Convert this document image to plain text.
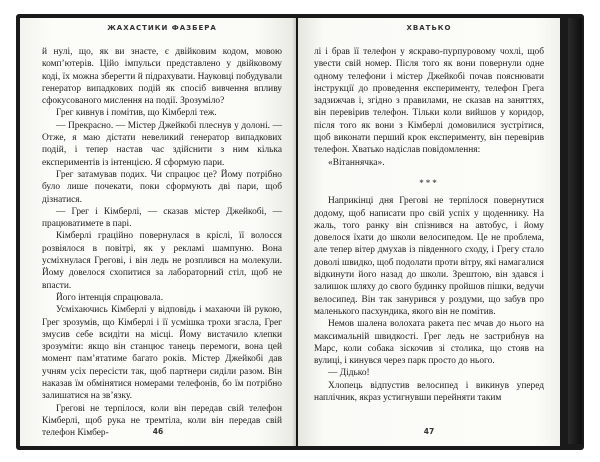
ЖАХАСТИКИ ФАЗБЕРА

й нулі, що, як ви знаєте, є двійковим кодом, мовою комп’ютерів. Ційо імпульси представлено у двійковому коді, їх можна зберегти й підрахувати. Науковці побудували генератор випадкових подій як спосіб вивчення впливу сфокусованого мислення на події. Зрозуміло?

Грег кивнув і помітив, що Кімберлі теж.

— Прекрасно. — Містер Джейкобі плеснув у долоні. — Отже, я маю дістати невеликий генератор випадкових подій, і тепер настав час здійснити з ним кілька експериментів із інтенцією. Я сформую пари.

Грег затамував подих. Чи спрацює це? Йому потрібно було лише почекати, поки сформують дві пари, щоб дізнатися.

— Грег і Кімберлі, — сказав містер Джейкобі, — працюватимете в парі.

Кімберлі граційно повернулася в кріслі, її волосся розвіялося в повітрі, як у рекламі шампуню. Вона усміхнулася Грегові, і він ледь не розплився на молекули. Йому довелося схопитися за лабораторний стіл, щоб не впасти.

Його інтенція спрацювала.

Усміхаючись Кімберлі у відповідь і махаючи їй рукою, Грег зрозумів, що Кімберлі і її усмішка трохи згасла, Грег змусив себе всидіти на місці. Йому вистачило клепки зрозуміти: якщо він станцює танець перемоги, вона цей момент пам’ятатиме багато років. Містер Джейкобі дав учням усіх пересісти так, щоб партнери сиділи разом. Він наказав їм обмінятися номерами телефонів, бо їм потрібно залишатися на зв’язку.

Грегові не терпілося, коли він передав свій телефон Кімберлі, щоб рука не тремтіла, коли він передав свій телефон Кімбер-	46
ХВАТЬКО

лі і брав її телефон у яскраво-пурпуровому чохлі, щоб увести свій номер. Після того як вони повернули одне одному телефони і містер Джейкобі почав пояснювати інструкції до проведення експерименту, телефон Грега задзижчав і, згідно з правилами, не сказав на заняттях, він перевірив телефон. Тільки коли вийшов у коридор, після того як вони з Кімберлі домовилися зустрітися, щоб виконати перший крок експерименту, він перевірив телефон. Хватько надіслав повідомлення:

«Вітаннячка».

***

Наприкінці дня Грегові не терпілося повернутися додому, щоб написати про свій успіх у щоденнику. На жаль, того ранку він спізнився на автобус, і йому довелося їхати до школи велосипедом. Це не проблема, але тепер вітер дмухав із південного сходу, і Грегу стало доволі швидко, щоб подолати проти вітру, які намагалися відкинути його назад до школи. Зрештою, він здався і залишок шляху до свого будинку пройшов пішки, ведучи велосипед. Він так занурився у роздуми, що забув про маленького пасхундика, якого він не помітив.

Немов шалена волохата ракета пес мчав до нього на максимальній швидкості. Грег ледь не застрибнув на Марс, коли собака зіскочив зі столика, що стояв на вулиці, і кинувся через парк просто до нього.

— Дідько!

Хлопець відпустив велосипед і викинув уперед наплічник, якраз устигнувши перейняти таким

47
